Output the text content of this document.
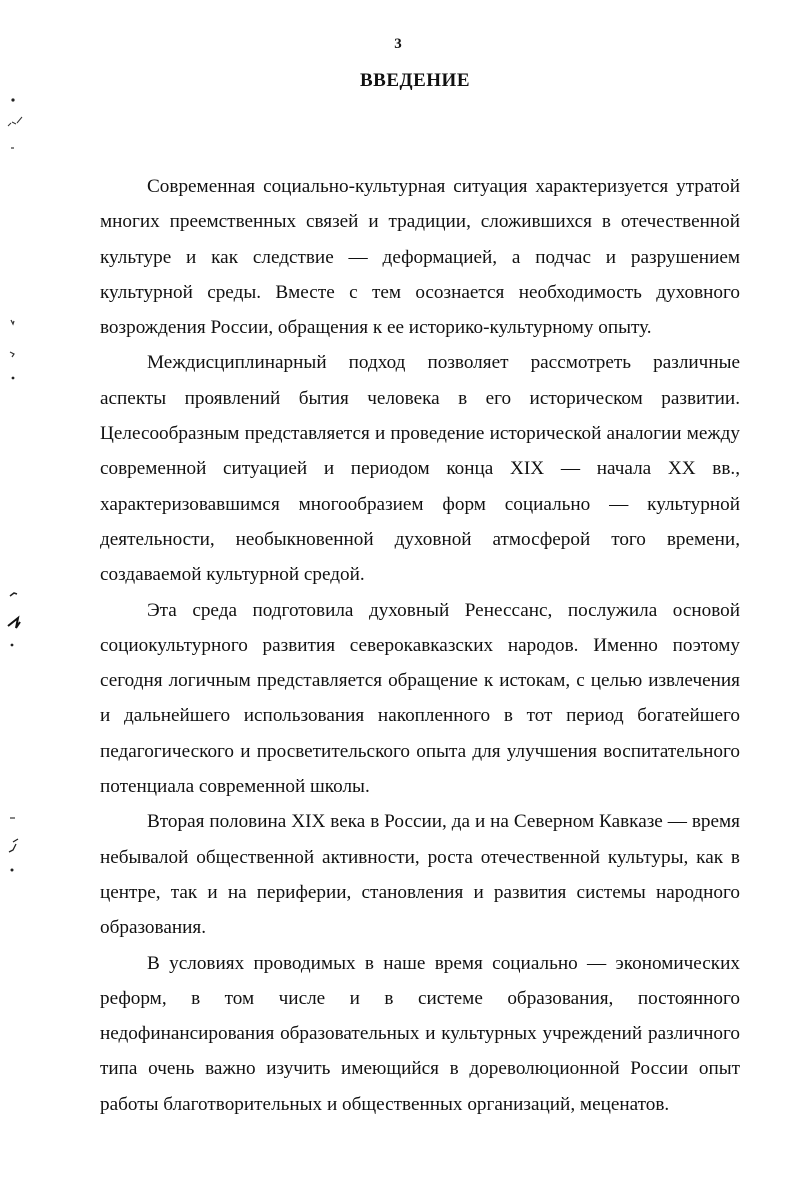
3
ВВЕДЕНИЕ

Современная социально-культурная ситуация характеризуется утратой многих преемственных связей и традиции, сложившихся в отечественной культуре и как следствие — деформацией, а подчас и разрушением культурной среды. Вместе с тем осознается необходимость духовного возрождения России, обращения к ее историко-культурному опыту.

Междисциплинарный подход позволяет рассмотреть различные аспекты проявлений бытия человека в его историческом развитии. Целесообразным представляется и проведение исторической аналогии между современной ситуацией и периодом конца XIX — начала XX вв., характеризовавшимся многообразием форм социально — культурной деятельности, необыкновенной духовной атмосферой того времени, создаваемой культурной средой.

Эта среда подготовила духовный Ренессанс, послужила основой социокультурного развития северокавказских народов. Именно поэтому сегодня логичным представляется обращение к истокам, с целью извлечения и дальнейшего использования накопленного в тот период богатейшего педагогического и просветительского опыта для улучшения воспитательного потенциала современной школы.

Вторая половина XIX века в России, да и на Северном Кавказе — время небывалой общественной активности, роста отечественной культуры, как в центре, так и на периферии, становления и развития системы народного образования.

В условиях проводимых в наше время социально — экономических реформ, в том числе и в системе образования, постоянного недофинансирования образовательных и культурных учреждений различного типа очень важно изучить имеющийся в дореволюционной России опыт работы благотворительных и общественных организаций, меценатов.
